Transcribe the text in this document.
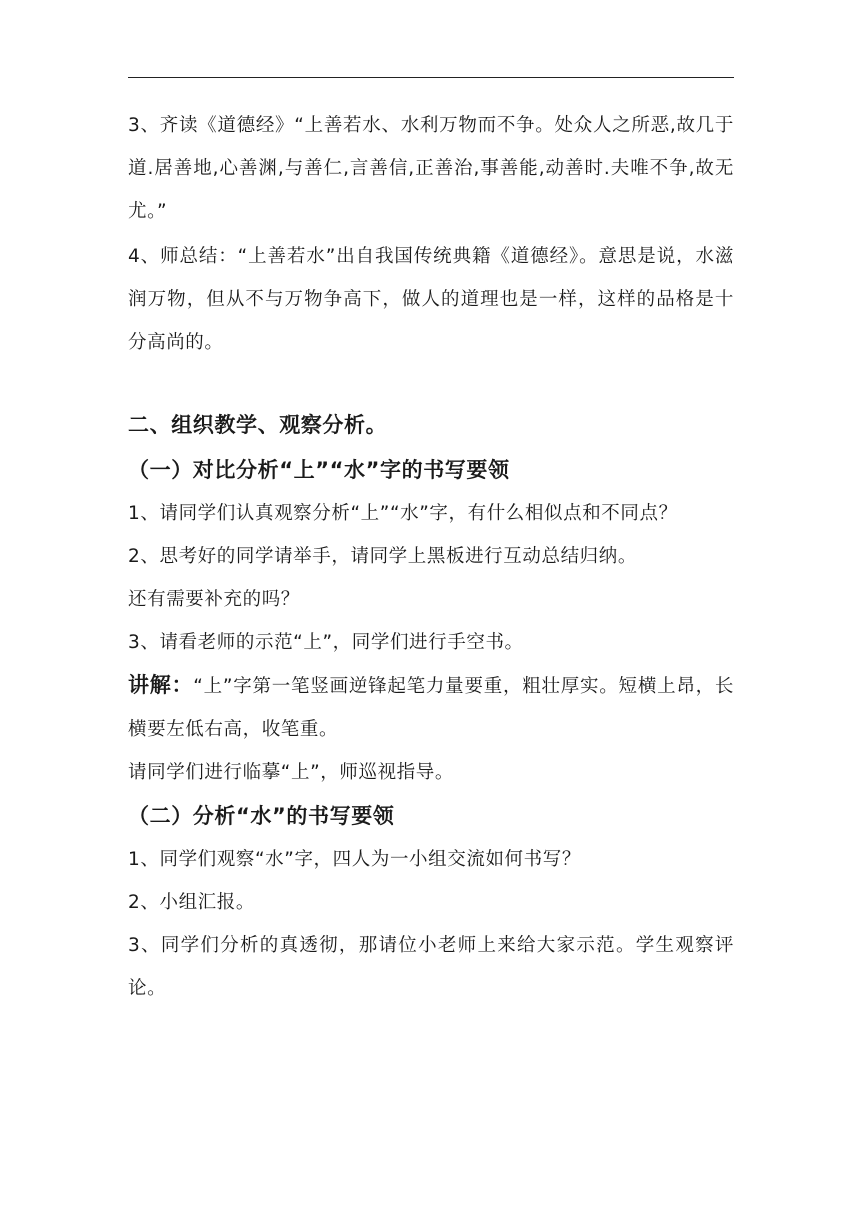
3、齐读《道德经》“上善若水、水利万物而不争。处众人之所恶,故几于道.居善地,心善渊,与善仁,言善信,正善治,事善能,动善时.夫唯不争,故无尤。”

4、师总结：“上善若水”出自我国传统典籍《道德经》。意思是说，水滋润万物，但从不与万物争高下，做人的道理也是一样，这样的品格是十分高尚的。

二、组织教学、观察分析。

（一）对比分析“上”“水”字的书写要领

1、请同学们认真观察分析“上”“水”字，有什么相似点和不同点？

2、思考好的同学请举手，请同学上黑板进行互动总结归纳。

还有需要补充的吗？

3、请看老师的示范“上”，同学们进行手空书。

讲解：“上”字第一笔竖画逆锋起笔力量要重，粗壮厚实。短横上昂，长横要左低右高，收笔重。

请同学们进行临摹“上”，师巡视指导。

（二）分析“水”的书写要领

1、同学们观察“水”字，四人为一小组交流如何书写？

2、小组汇报。

3、同学们分析的真透彻，那请位小老师上来给大家示范。学生观察评论。
